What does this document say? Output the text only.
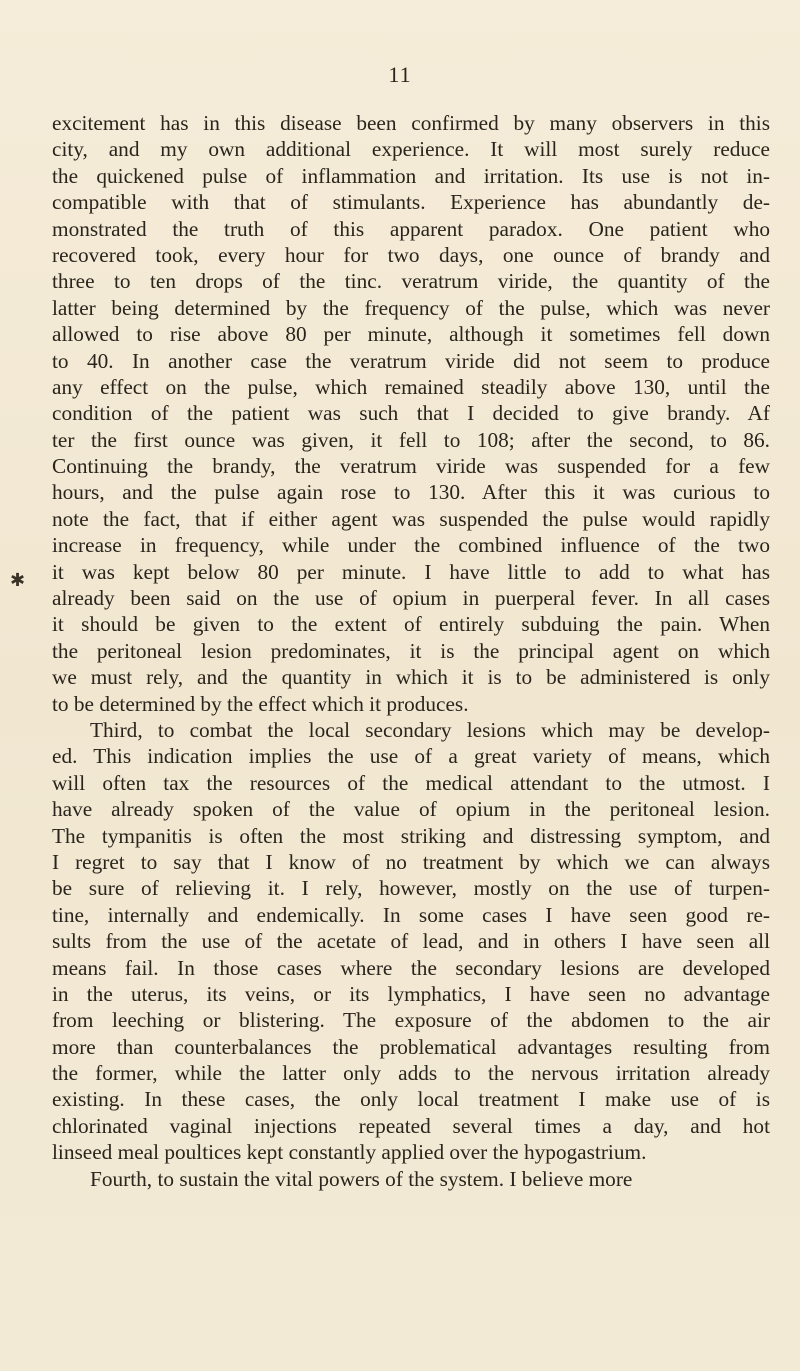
11
✱
excitement has in this disease been confirmed by many observers in this
city, and my own additional experience. It will most surely reduce
the quickened pulse of inflammation and irritation. Its use is not in-
compatible with that of stimulants. Experience has abundantly de-
monstrated the truth of this apparent paradox. One patient who
recovered took, every hour for two days, one ounce of brandy and
three to ten drops of the tinc. veratrum viride, the quantity of the
latter being determined by the frequency of the pulse, which was never
allowed to rise above 80 per minute, although it sometimes fell down
to 40. In another case the veratrum viride did not seem to produce
any effect on the pulse, which remained steadily above 130, until the
condition of the patient was such that I decided to give brandy. Af
ter the first ounce was given, it fell to 108; after the second, to 86.
Continuing the brandy, the veratrum viride was suspended for a few
hours, and the pulse again rose to 130. After this it was curious to
note the fact, that if either agent was suspended the pulse would rapidly
increase in frequency, while under the combined influence of the two
it was kept below 80 per minute. I have little to add to what has
already been said on the use of opium in puerperal fever. In all cases
it should be given to the extent of entirely subduing the pain. When
the peritoneal lesion predominates, it is the principal agent on which
we must rely, and the quantity in which it is to be administered is only
to be determined by the effect which it produces.
Third, to combat the local secondary lesions which may be develop-
ed. This indication implies the use of a great variety of means, which
will often tax the resources of the medical attendant to the utmost. I
have already spoken of the value of opium in the peritoneal lesion.
The tympanitis is often the most striking and distressing symptom, and
I regret to say that I know of no treatment by which we can always
be sure of relieving it. I rely, however, mostly on the use of turpen-
tine, internally and endemically. In some cases I have seen good re-
sults from the use of the acetate of lead, and in others I have seen all
means fail. In those cases where the secondary lesions are developed
in the uterus, its veins, or its lymphatics, I have seen no advantage
from leeching or blistering. The exposure of the abdomen to the air
more than counterbalances the problematical advantages resulting from
the former, while the latter only adds to the nervous irritation already
existing. In these cases, the only local treatment I make use of is
chlorinated vaginal injections repeated several times a day, and hot
linseed meal poultices kept constantly applied over the hypogastrium.
Fourth, to sustain the vital powers of the system. I believe more
